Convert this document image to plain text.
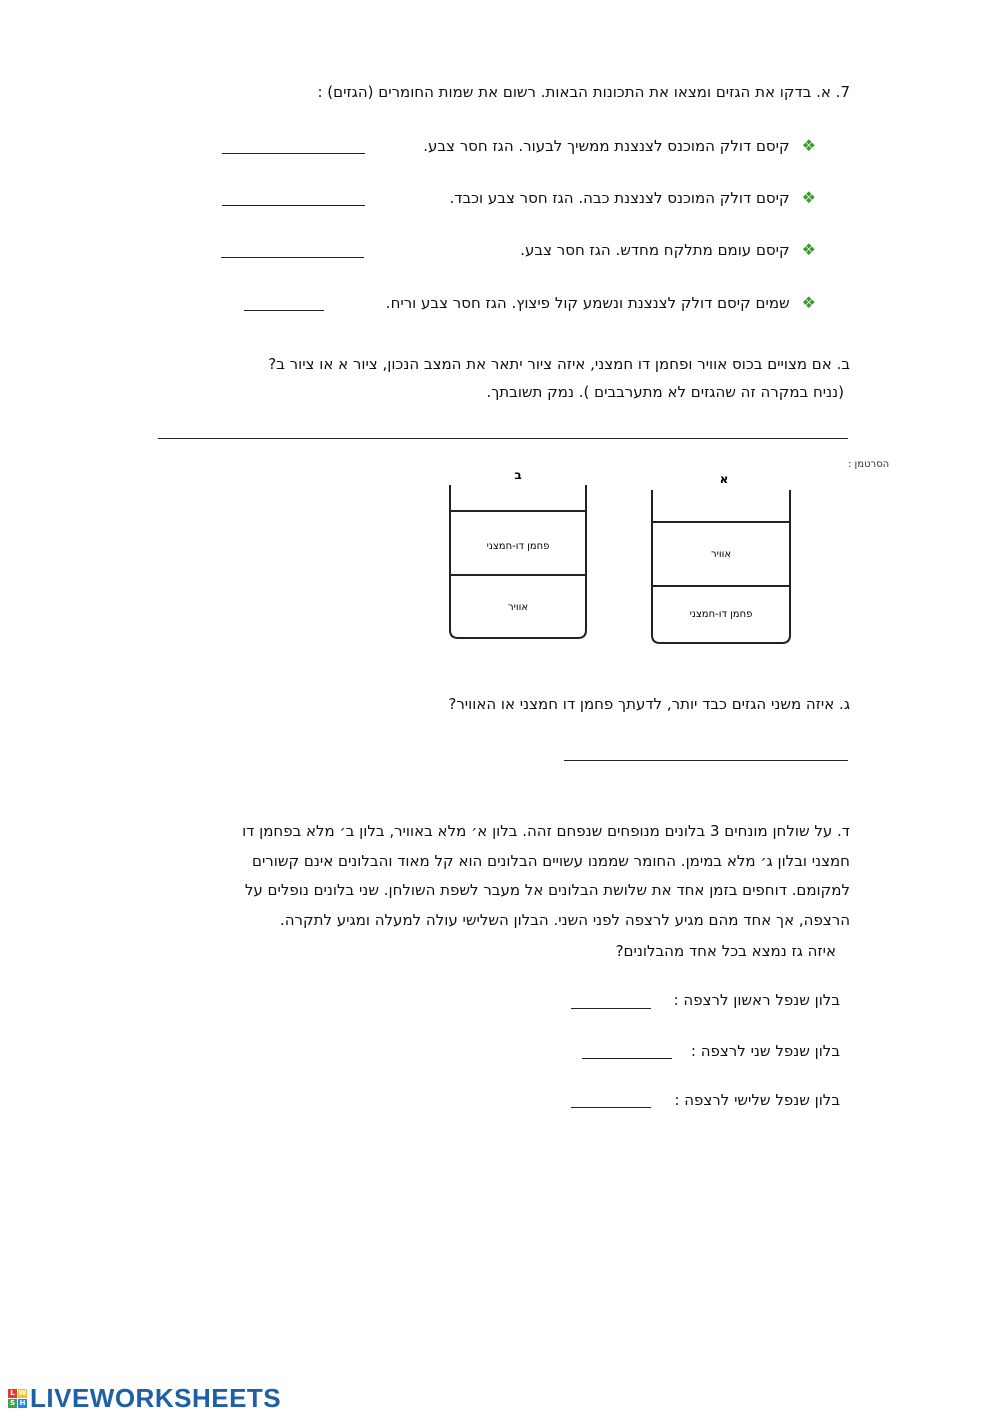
7. א. בדקו את הגזים ומצאו את התכונות הבאות. רשום את שמות החומרים (הגזים) :
❖קיסם דולק המוכנס לצנצנת ממשיך לבעור. הגז חסר צבע.
❖קיסם דולק המוכנס לצנצנת כבה. הגז חסר צבע וכבד.
❖קיסם עומם מתלקח מחדש. הגז חסר צבע.
❖שמים קיסם דולק לצנצנת ונשמע קול פיצוץ. הגז חסר צבע וריח.
ב. אם מצויים בכוס אוויר ופחמן דו חמצני, איזה ציור יתאר את המצב הנכון, ציור א או ציור ב?
(נניח במקרה זה שהגזים לא מתערבבים ). נמק תשובתך.
הסרטמן :
ב
פחמן דו-חמצני
אוויר
א
אוויר
פחמן דו-חמצני
ג. איזה משני הגזים כבד יותר, לדעתך פחמן דו חמצני או האוויר?

ד. על שולחן מונחים 3 בלונים מנופחים שנפחם זהה. בלון א׳ מלא באוויר, בלון ב׳ מלא בפחמן דו

חמצני ובלון ג׳ מלא במימן. החומר שממנו עשויים הבלונים הוא קל מאוד והבלונים אינם קשורים

למקומם. דוחפים בזמן אחד את שלושת הבלונים אל מעבר לשפת השולחן. שני בלונים נופלים על

הרצפה, אך אחד מהם מגיע לרצפה לפני השני. הבלון השלישי עולה למעלה ומגיע לתקרה.

איזה גז נמצא בכל אחד מהבלונים?
בלון שנפל ראשון לרצפה :
בלון שנפל שני לרצפה :
בלון שנפל שלישי לרצפה :
L W
S H LIVEWORKSHEETS
